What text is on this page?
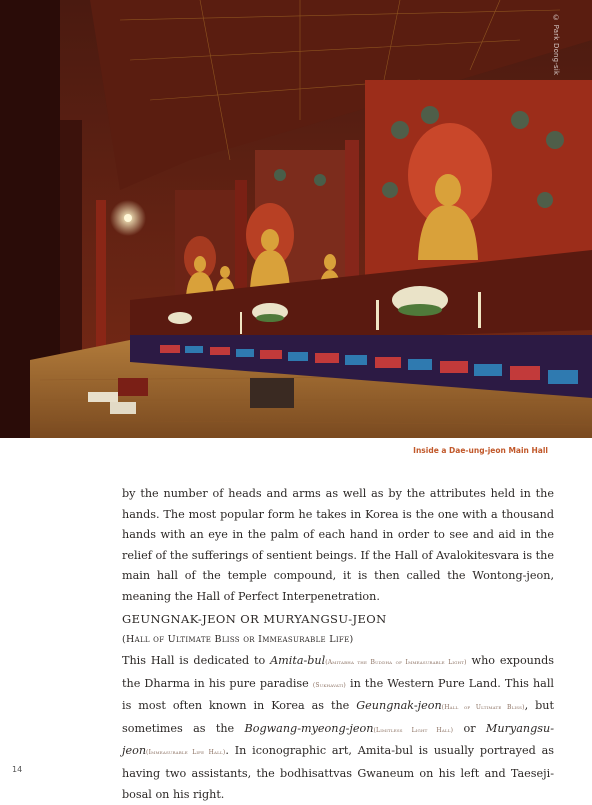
© Park Dong-sik
Inside a Dae-ung-jeon Main Hall

by the number of heads and arms as well as by the attributes held in the hands. The most popular form he takes in Korea is the one with a thousand hands with an eye in the palm of each hand in order to see and aid in the relief of the sufferings of sentient beings. If the Hall of Avalokitesvara is the main hall of the temple compound, it is then called the Wontong-jeon, meaning the Hall of Perfect Interpenetration.

GEUNGNAK-JEON OR MURYANGSU-JEON
(Hall of Ultimate Bliss or Immeasurable Life)

This Hall is dedicated to Amita-bul(Amitabha the Buddha of Immeasurable Light) who expounds the Dharma in his pure paradise (Sukhavati) in the Western Pure Land. This hall is most often known in Korea as the Geungnak-jeon(Hall of Ultimate Bliss), but sometimes as the Bogwang-myeong-jeon(Limitless Light Hall) or Muryangsu-jeon(Immeasurable Life Hall). In iconographic art, Amita-bul is usually portrayed as having two assistants, the bodhisattvas Gwaneum on his left and Taeseji-bosal on his right.

14
